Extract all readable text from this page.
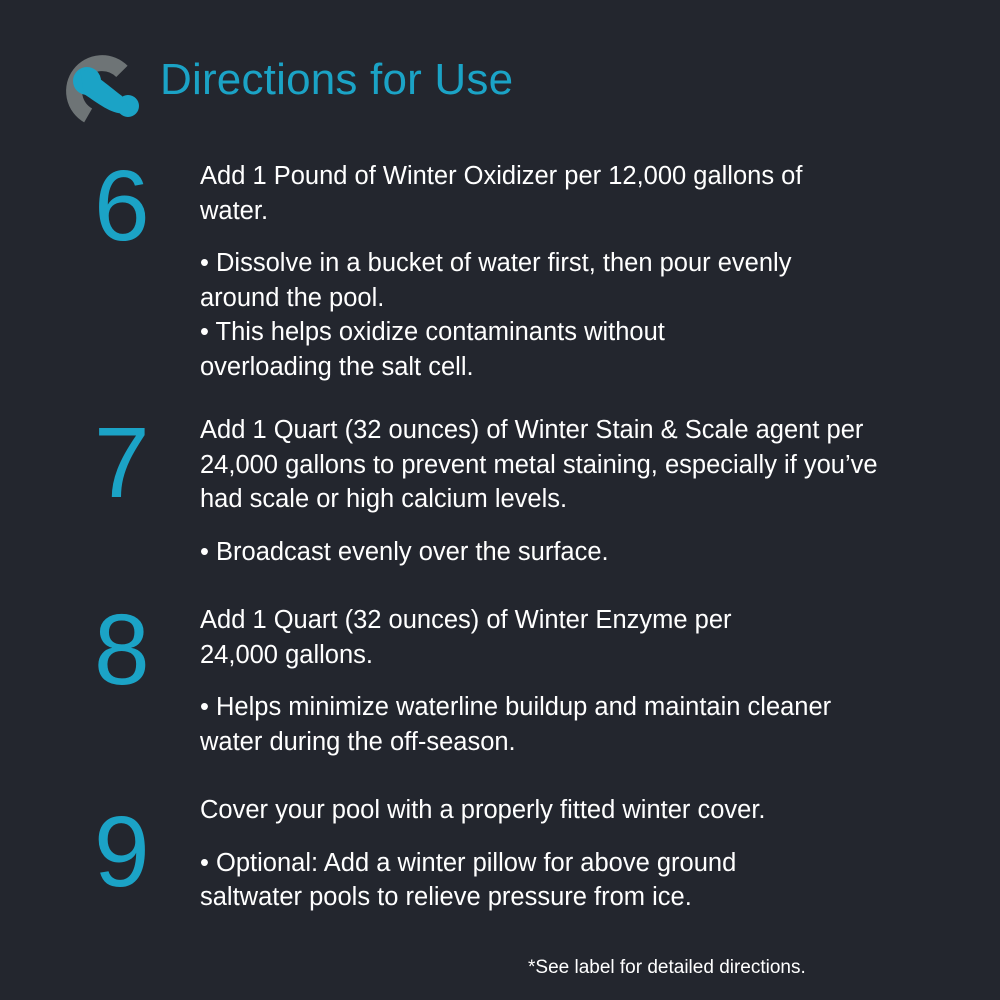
Directions for Use
6 Add 1 Pound of Winter Oxidizer per 12,000 gallons of water.

• Dissolve in a bucket of water first, then pour evenly around the pool.
• This helps oxidize contaminants without overloading the salt cell.
7 Add 1 Quart (32 ounces) of Winter Stain & Scale agent per 24,000 gallons to prevent metal staining, especially if you’ve had scale or high calcium levels.

• Broadcast evenly over the surface.
8 Add 1 Quart (32 ounces) of Winter Enzyme per 24,000 gallons.

• Helps minimize waterline buildup and maintain cleaner water during the off-season.
9 Cover your pool with a properly fitted winter cover.

• Optional: Add a winter pillow for above ground saltwater pools to relieve pressure from ice.
*See label for detailed directions.
